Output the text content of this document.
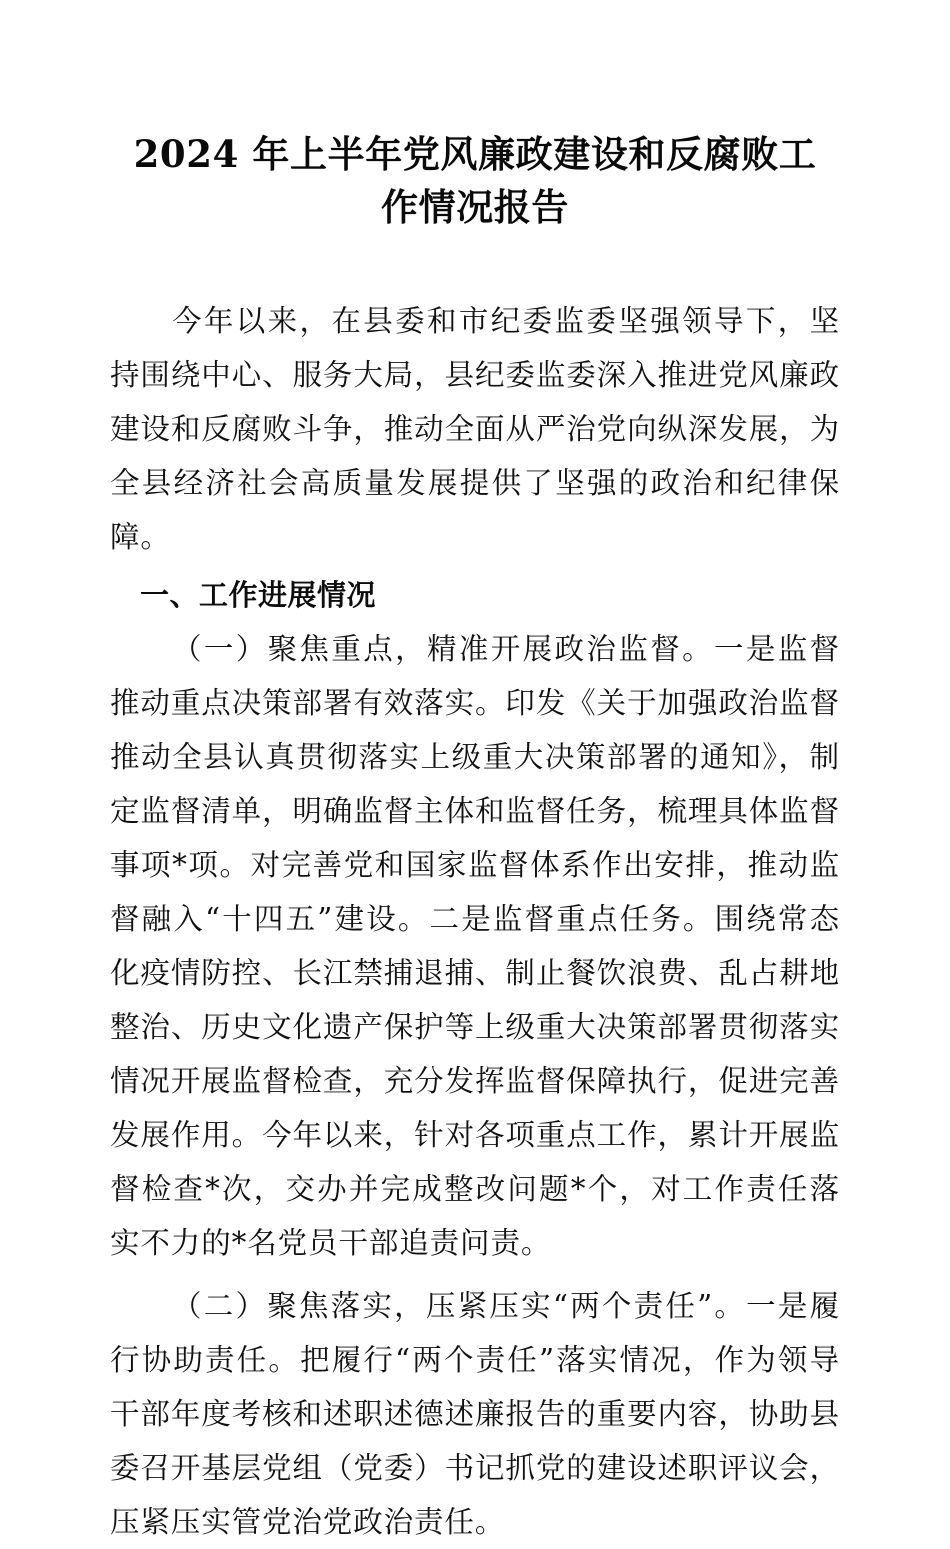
2024 年上半年党风廉政建设和反腐败工作情况报告

今年以来，在县委和市纪委监委坚强领导下，坚持围绕中心、服务大局，县纪委监委深入推进党风廉政建设和反腐败斗争，推动全面从严治党向纵深发展，为全县经济社会高质量发展提供了坚强的政治和纪律保障。

一、工作进展情况

（一）聚焦重点，精准开展政治监督。一是监督推动重点决策部署有效落实。印发《关于加强政治监督推动全县认真贯彻落实上级重大决策部署的通知》，制定监督清单，明确监督主体和监督任务，梳理具体监督事项*项。对完善党和国家监督体系作出安排，推动监督融入“十四五”建设。二是监督重点任务。围绕常态化疫情防控、长江禁捕退捕、制止餐饮浪费、乱占耕地整治、历史文化遗产保护等上级重大决策部署贯彻落实情况开展监督检查，充分发挥监督保障执行，促进完善发展作用。今年以来，针对各项重点工作，累计开展监督检查*次，交办并完成整改问题*个，对工作责任落实不力的*名党员干部追责问责。

（二）聚焦落实，压紧压实“两个责任”。一是履行协助责任。把履行“两个责任”落实情况，作为领导干部年度考核和述职述德述廉报告的重要内容，协助县委召开基层党组（党委）书记抓党的建设述职评议会，压紧压实管党治党政治责任。
